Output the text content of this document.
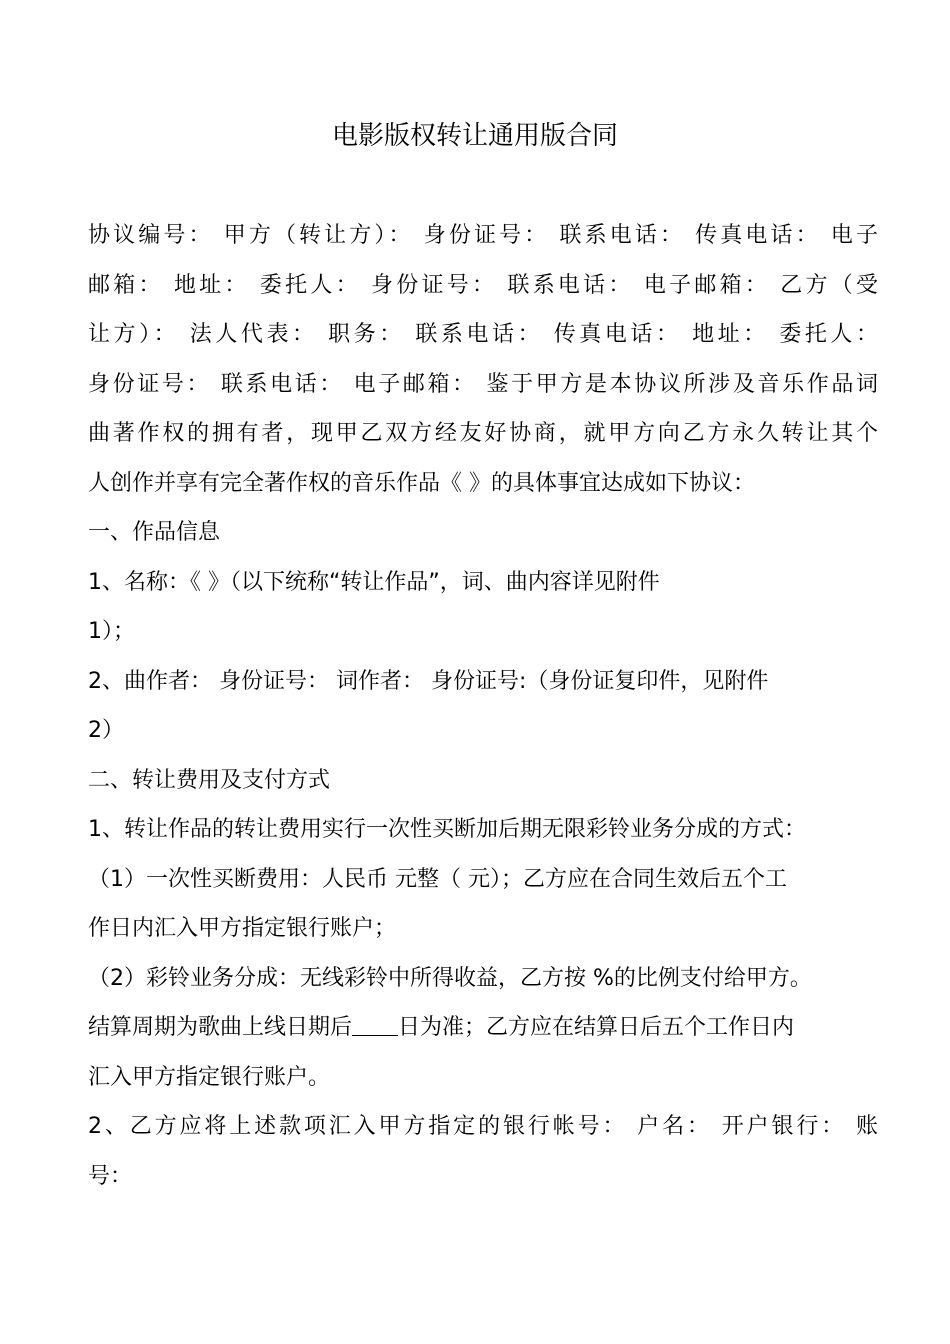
电影版权转让通用版合同
协议编号： 甲方（转让方）： 身份证号： 联系电话： 传真电话： 电子
邮箱： 地址： 委托人： 身份证号： 联系电话： 电子邮箱： 乙方（受
让方）： 法人代表： 职务： 联系电话： 传真电话： 地址： 委托人：
身份证号： 联系电话： 电子邮箱： 鉴于甲方是本协议所涉及音乐作品词
曲著作权的拥有者，现甲乙双方经友好协商，就甲方向乙方永久转让其个
人创作并享有完全著作权的音乐作品《 》的具体事宜达成如下协议：
一、作品信息
1、名称：《 》（以下统称“转让作品”，词、曲内容详见附件
1）；
2、曲作者： 身份证号： 词作者： 身份证号:（身份证复印件，见附件
2）
二、转让费用及支付方式
1、转让作品的转让费用实行一次性买断加后期无限彩铃业务分成的方式：
（1）一次性买断费用：人民币 元整（ 元）；乙方应在合同生效后五个工
作日内汇入甲方指定银行账户；
（2）彩铃业务分成：无线彩铃中所得收益，乙方按 %的比例支付给甲方。
结算周期为歌曲上线日期后 日为准；乙方应在结算日后五个工作日内
汇入甲方指定银行账户。
2、乙方应将上述款项汇入甲方指定的银行帐号： 户名： 开户银行： 账
号：
